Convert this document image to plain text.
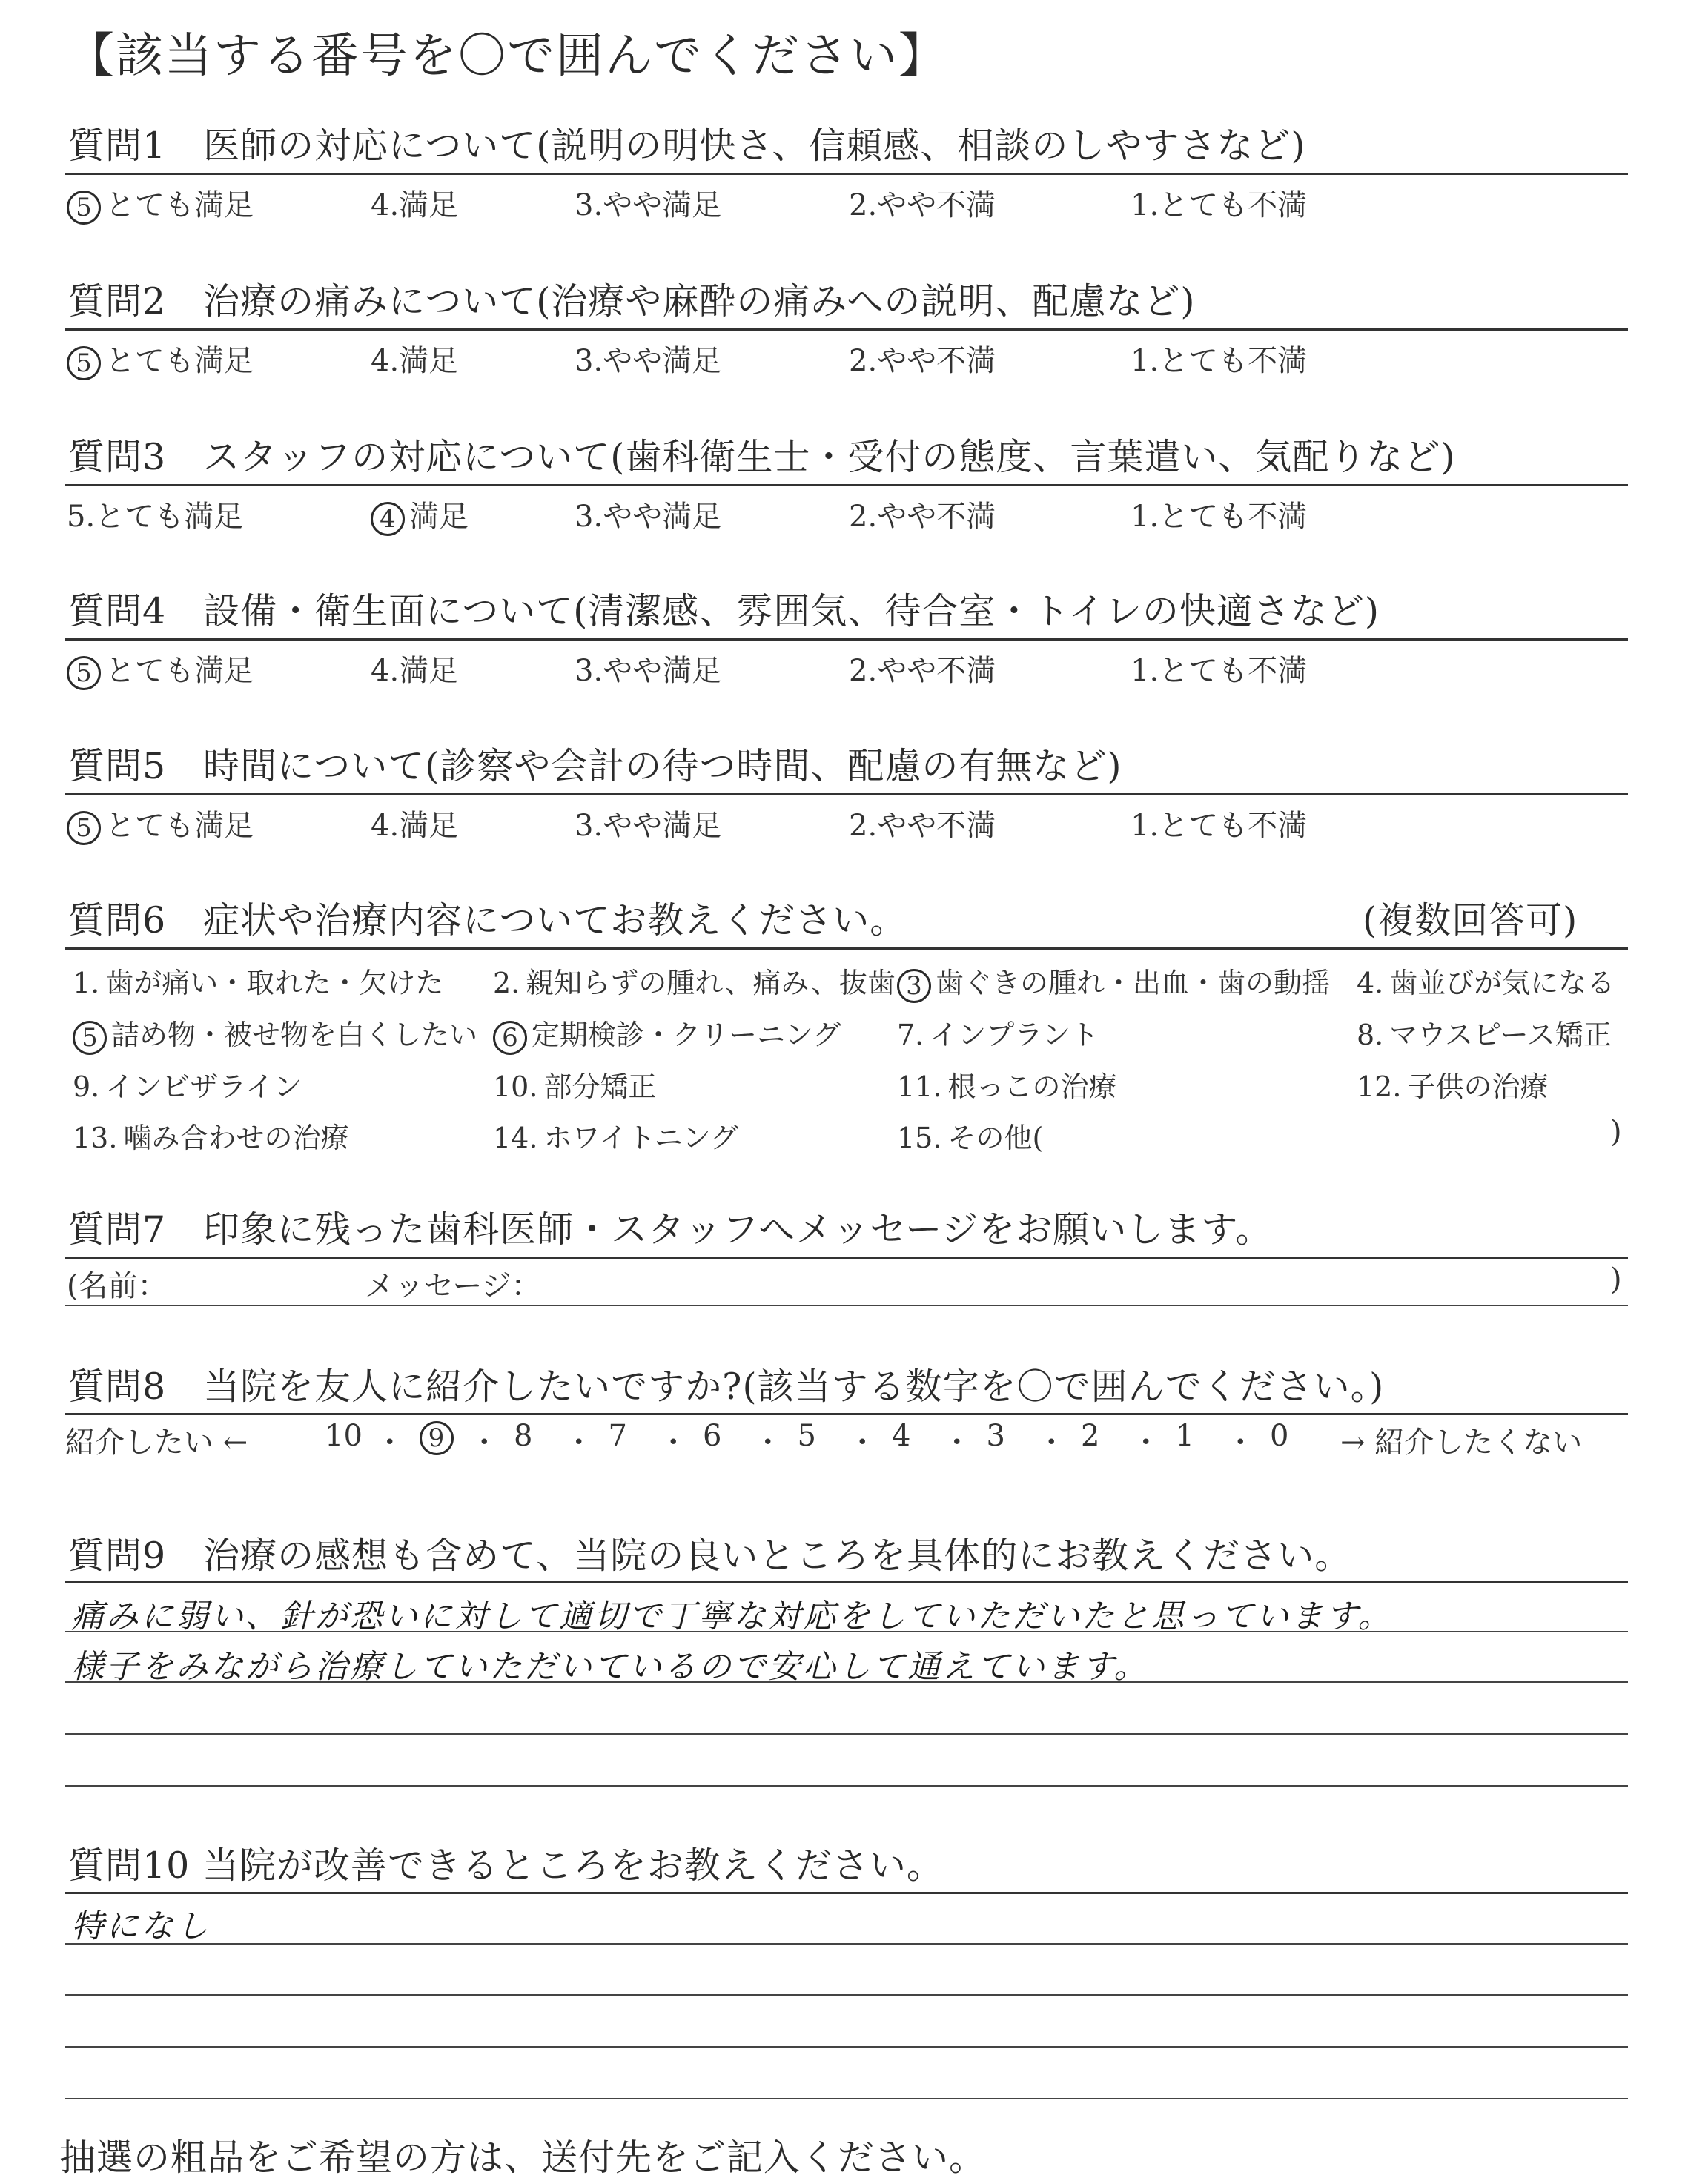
【該当する番号を〇で囲んでください】
質問1　医師の対応について(説明の明快さ、信頼感、相談のしやすさなど)
5 とても満足	4.満足	3.やや満足	2.やや不満	1.とても不満
質問2　治療の痛みについて(治療や麻酔の痛みへの説明、配慮など)
5 とても満足	4.満足	3.やや満足	2.やや不満	1.とても不満
質問3　スタッフの対応について(歯科衛生士・受付の態度、言葉遣い、気配りなど)
5.とても満足	4 満足	3.やや満足	2.やや不満	1.とても不満
質問4　設備・衛生面について(清潔感、雰囲気、待合室・トイレの快適さなど)
5 とても満足	4.満足	3.やや満足	2.やや不満	1.とても不満
質問5　時間について(診察や会計の待つ時間、配慮の有無など)
5 とても満足	4.満足	3.やや満足	2.やや不満	1.とても不満
質問6　症状や治療内容についてお教えください。	(複数回答可)
1. 歯が痛い・取れた・欠けた 2. 親知らずの腫れ、痛み、抜歯 3 歯ぐきの腫れ・出血・歯の動揺 4. 歯並びが気になる
5 詰め物・被せ物を白くしたい 6 定期検診・クリーニング 7. インプラント	8. マウスピース矯正
9. インビザライン	10. 部分矯正	11. 根っこの治療	12. 子供の治療
13. 噛み合わせの治療	14. ホワイトニング	15. その他(	)
質問7　印象に残った歯科医師・スタッフへメッセージをお願いします。
(名前：	メッセージ：	)
質問8　当院を友人に紹介したいですか?(該当する数字を〇で囲んでください。)
紹介したい ←	10 ・ 9 ・ 8 ・ 7 ・ 6 ・ 5 ・ 4 ・ 3 ・ 2 ・ 1 ・ 0 → 紹介したくない
質問9　治療の感想も含めて、当院の良いところを具体的にお教えください。
痛みに弱い、針が恐いに対して適切で丁寧な対応をしていただいたと思っています。
様子をみながら治療していただいているので安心して通えています。
質問10 当院が改善できるところをお教えください。
特になし
抽選の粗品をご希望の方は、送付先をご記入ください。
